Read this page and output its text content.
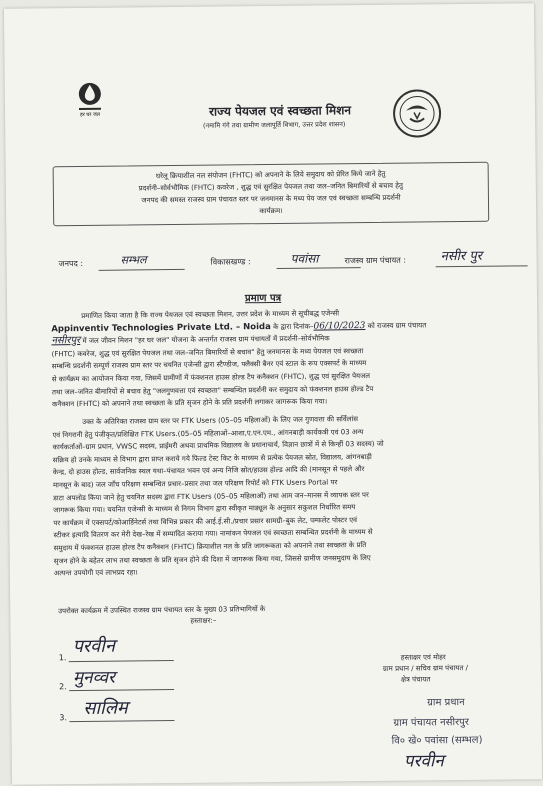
हर घर जल	राज्य पेयजल एवं स्वच्छता मिशन
(नमामि गंगे तथा ग्रामीण जलापूर्ति विभाग, उत्तर प्रदेश शासन)
घरेलू क्रियाशील नल संयोजन (FHTC) को अपनाने के लिये समुदाय को प्रेरित किये जाने हेतु
प्रदर्शनी–सोर्वभौमिक (FHTC) कवरेज , शुद्ध एवं सुरक्षित पेयजल तथा जल–जनित बिमारियों से बचाव हेतु
जनपद की समस्त राजस्व ग्राम पंचायत स्तर पर जनमानस के मध्य पेय जल एवं स्वच्छता सम्बन्धि प्रदर्शनी
कार्यक्रम।
जनपद :	सम्भल	विकासखण्ड :	पवांसा	राजस्व ग्राम पंचायत :	नसीर पुर
प्रमाण पत्र
प्रमाणित किया जाता है कि राज्य पेयजल एवं स्वच्छता मिशन, उत्तर प्रदेश के माध्यम से सूचीबद्ध एजेन्सी
Appinventiv Technologies Private Ltd. – Noida के द्वारा दिनांक–06/10/2023 को राजस्व ग्राम पंचायत
नसीरपुर में जल जीवन मिशन "हर घर जल" योजना के अन्तर्गत राजस्व ग्राम पंचायतों में प्रदर्शनी–सोर्वभौमिक
(FHTC) कवरेज, शुद्ध एवं सुरक्षित पेयजल तथा जल–जनित बिमारियों से बचाव" हेतु जनमानस के मध्य पेयजल एवं स्वच्छता
सम्बन्धि प्रदर्शनी सम्पूर्ण राजस्व ग्राम स्तर पर चयनित एजेन्सी द्वारा स्टैण्डीज, फ्लैक्सी बैनर एवं स्टाल के रूप एक्सपर्ट के माध्यम
से कार्यक्रम का आयोजन किया गया, जिसमें ग्रामीणों में फंक्शनल हाउस होल्ड टैप कनैक्शन (FHTC), शुद्ध एवं सुरक्षित पेयजल
तथा जल–जनित बीमारियों से बचाव हेतु "जलगुणवत्ता एवं स्वच्छता" सम्बन्धित प्रदर्शनी कर समुदाय को फंक्शनल हाउस होल्ड टैप
कनैक्शन (FHTC) को अपनाने तथा स्वच्छता के प्रति सृजन होने के प्रति प्रदर्शनी लगाकर जागरूक किया गया।
उक्त के अतिरिक्त राजस्व ग्राम स्तर पर FTK Users (05–05 महिलाओं) के लिए जल गुणवत्ता की सर्विलांस
एवं निगरानी हेतु पंजीकृत/प्रशिक्षित FTK Users.(05–05 महिलाओं–आशा,ए.एन.एम., आंगनबाड़ी कार्यकत्री एवं 03 अन्य
कार्यकर्ताओं–ग्राम प्रधान, VWSC सदस्य, प्राईमरी अथवा प्राथमिक विद्यालय के प्रधानाचार्य, विज्ञान छात्रों में से किन्हीं 03 सदस्य) जो
सक्रिय हो उनके माध्यम से विभाग द्वारा प्राप्त कराये गये फिल्ड टेस्ट किट के माध्यम से प्रत्येक पेयजल स्रोत, विद्यालय, आंगनबाड़ी
केन्द्र, दो हाउस होल्ड, सार्वजनिक स्थल यथा–पंचायत भवन एवं अन्य निजि स्रोत/हाउस होल्ड आदि की (मानसून से पहले और
मानसून के बाद) जल जाँच परिक्षण सम्बन्धित प्रचार–प्रसार तथा जल परिक्षण रिपोर्ट को FTK Users Portal पर
डाटा अपलोड किया जाने हेतु चयनित सदस्य द्वारा FTK Users (05–05 महिलाओं) तथा आम जन–मानस में व्यापक स्तर पर
जागरूक किया गया। चयनित एजेन्सी के माध्यम से निगम विभाग द्वारा स्वीकृत माड्यूल के अनुसार सकुशल निर्धारित समय
पर कार्यक्रम में एक्सपर्ट/कोआर्डिनेटर्स तथा विभिन्न प्रकार की आई.ई.सी./प्रचार प्रसार सामग्री–बुक लेट, पम्फलेट पोस्टर एवं
स्टीकर इत्यादि वितरण कर मेरी देख–रेख में सम्पादित कराया गया। नामांकन पेयजल एवं स्वच्छता सम्बन्धित प्रदर्शनी के माध्यम से
समुदाय में फंक्शनल हाउस होल्ड टैप कनैक्शन (FHTC) क्रियाशील नल के प्रति जागरूकता को अपनाने तथा स्वच्छता के प्रति
सृजन होने के बहेतर लाभ तथा स्वच्छता के प्रति सृजन होने की दिशा में जागरूक किया गया, जिससे ग्रामीण जनसमुदाय के लिए
अत्यन्त उपयोगी एवं लाभप्रद रहा।
उपरोक्त कार्यक्रम में उपस्थित राजस्व ग्राम पंचायत स्तर के मुख्य 03 प्रतिभागियों के
हस्ताक्षर:–
1.
परवीन
2. मुनव्वर
3. सालिम
हस्ताक्षर एवं मोहर
ग्राम प्रधान / सचिव ग्राम पंचायत /
क्षेत्र पंचायत
ग्राम प्रधान
ग्राम पंचायत नसीरपुर
वि० खे० पवांसा (सम्भल)
परवीन
